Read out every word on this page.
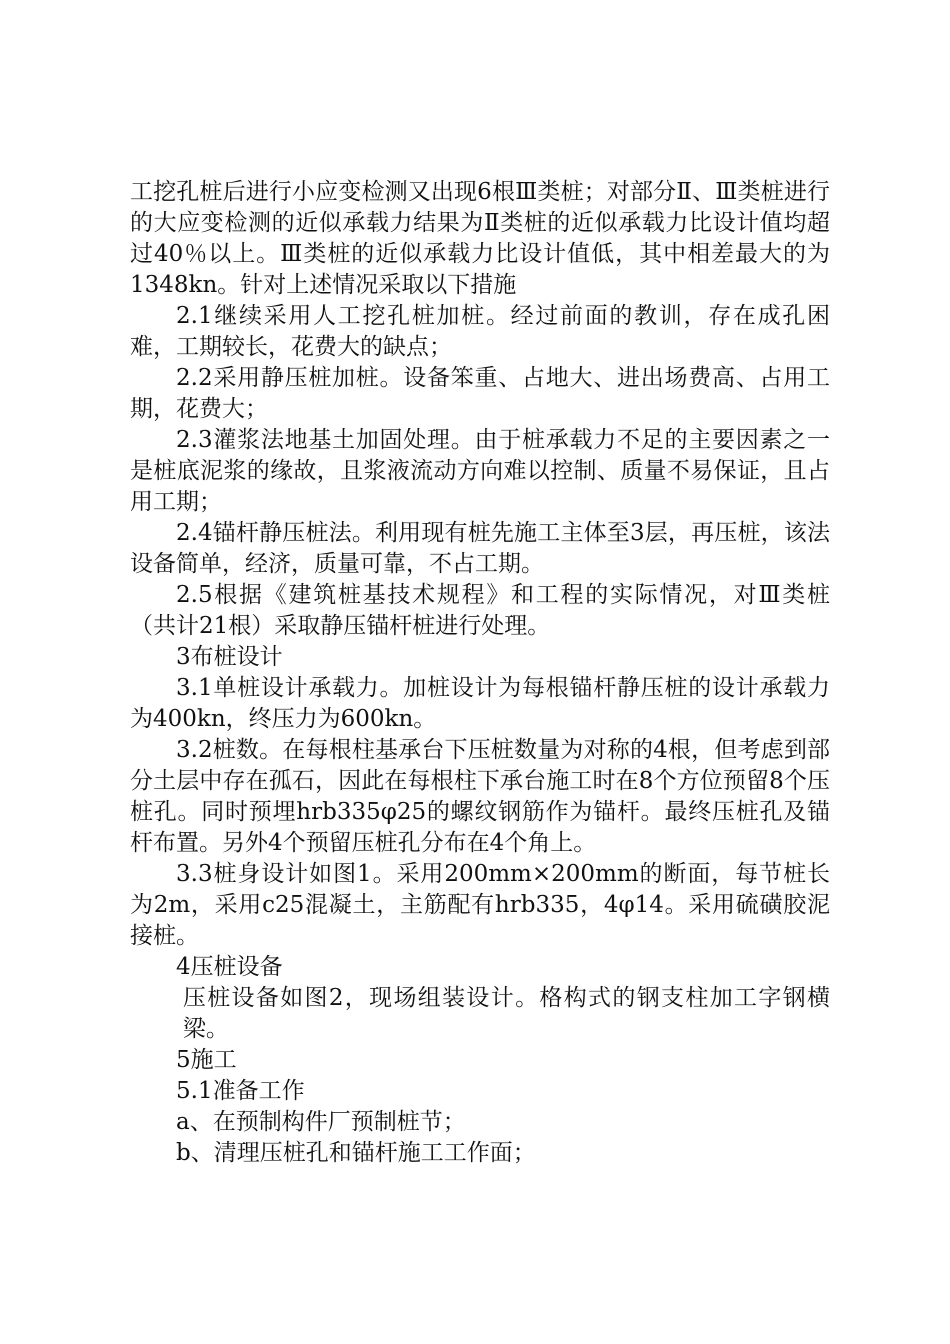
工挖孔桩后进行小应变检测又出现6根Ⅲ类桩；对部分Ⅱ、Ⅲ类桩进行的大应变检测的近似承载力结果为Ⅱ类桩的近似承载力比设计值均超过40％以上。Ⅲ类桩的近似承载力比设计值低，其中相差最大的为1348kn。针对上述情况采取以下措施

2.1继续采用人工挖孔桩加桩。经过前面的教训，存在成孔困难，工期较长，花费大的缺点；

2.2采用静压桩加桩。设备笨重、占地大、进出场费高、占用工期，花费大；

2.3灌浆法地基土加固处理。由于桩承载力不足的主要因素之一是桩底泥浆的缘故，且浆液流动方向难以控制、质量不易保证，且占用工期；

2.4锚杆静压桩法。利用现有桩先施工主体至3层，再压桩，该法设备简单，经济，质量可靠，不占工期。

2.5根据《建筑桩基技术规程》和工程的实际情况，对Ⅲ类桩（共计21根）采取静压锚杆桩进行处理。

3布桩设计

3.1单桩设计承载力。加桩设计为每根锚杆静压桩的设计承载力为400kn，终压力为600kn。

3.2桩数。在每根柱基承台下压桩数量为对称的4根，但考虑到部分土层中存在孤石，因此在每根柱下承台施工时在8个方位预留8个压桩孔。同时预埋hrb335φ25的螺纹钢筋作为锚杆。最终压桩孔及锚杆布置。另外4个预留压桩孔分布在4个角上。

3.3桩身设计如图1。采用200mm×200mm的断面，每节桩长为2m，采用c25混凝土，主筋配有hrb335，4φ14。采用硫磺胶泥接桩。

4压桩设备

压桩设备如图2，现场组装设计。格构式的钢支柱加工字钢横梁。

5施工

5.1准备工作

a、在预制构件厂预制桩节；

b、清理压桩孔和锚杆施工工作面；
